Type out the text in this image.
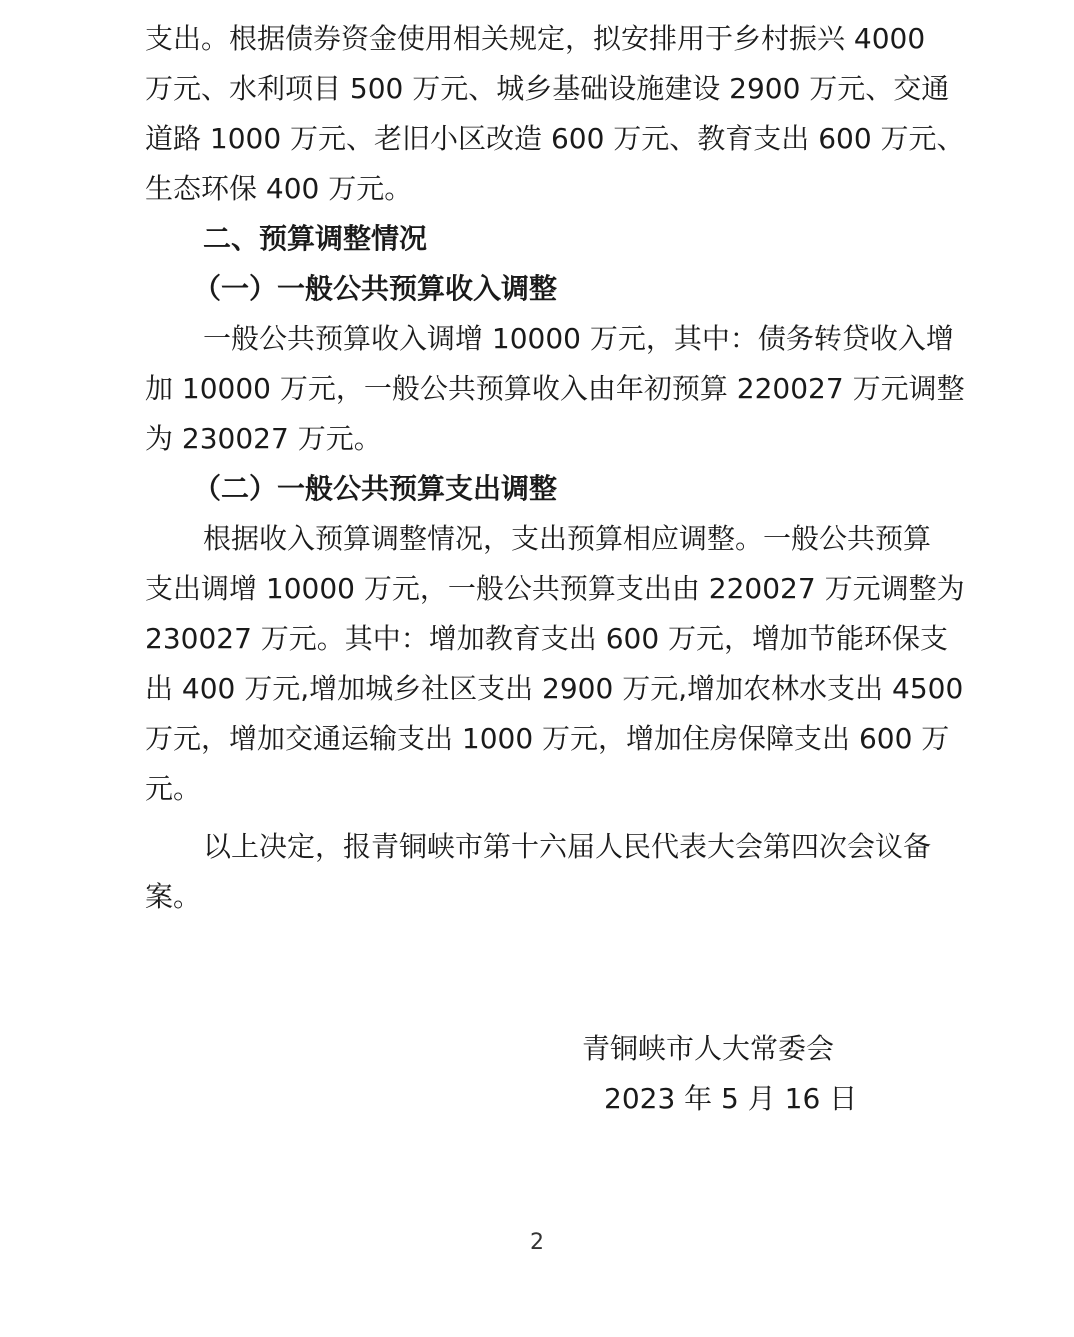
支出。根据债券资金使用相关规定，拟安排用于乡村振兴 4000
万元、水利项目 500 万元、城乡基础设施建设 2900 万元、交通
道路 1000 万元、老旧小区改造 600 万元、教育支出 600 万元、
生态环保 400 万元。
二、预算调整情况
（一）一般公共预算收入调整
一般公共预算收入调增 10000 万元，其中：债务转贷收入增
加 10000 万元，一般公共预算收入由年初预算 220027 万元调整
为 230027 万元。
（二）一般公共预算支出调整
根据收入预算调整情况，支出预算相应调整。一般公共预算
支出调增 10000 万元，一般公共预算支出由 220027 万元调整为
230027 万元。其中：增加教育支出 600 万元，增加节能环保支
出 400 万元,增加城乡社区支出 2900 万元,增加农林水支出 4500
万元，增加交通运输支出 1000 万元，增加住房保障支出 600 万
元。
以上决定，报青铜峡市第十六届人民代表大会第四次会议备
案。
青铜峡市人大常委会
2023 年 5 月 16 日
2
